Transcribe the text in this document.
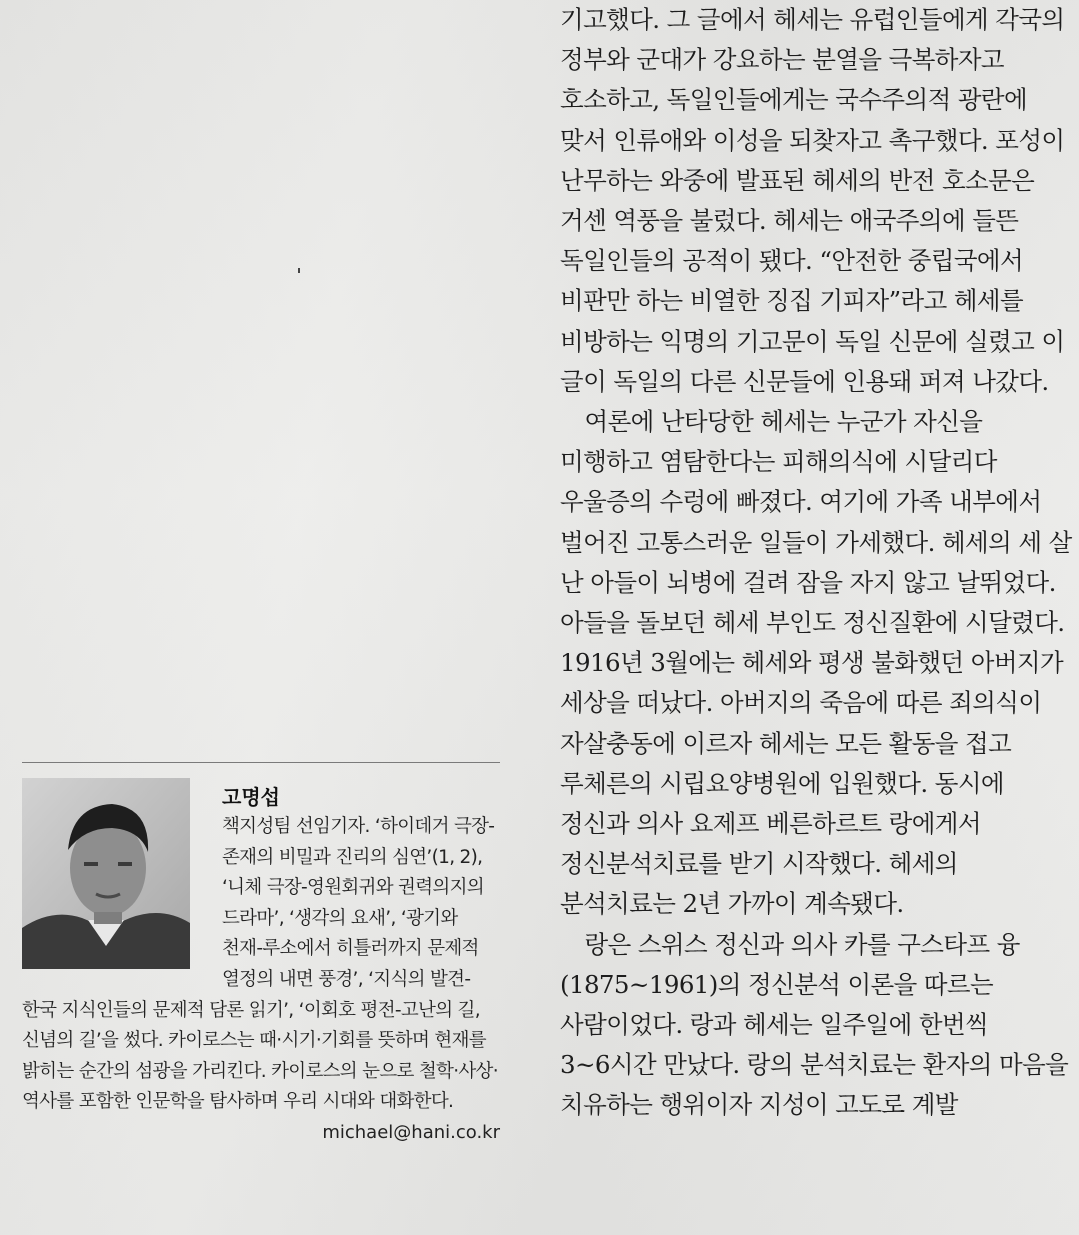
기고했다. 그 글에서 헤세는 유럽인들에게 각국의 정부와 군대가 강요하는 분열을 극복하자고 호소하고, 독일인들에게는 국수주의적 광란에 맞서 인류애와 이성을 되찾자고 촉구했다. 포성이 난무하는 와중에 발표된 헤세의 반전 호소문은 거센 역풍을 불렀다. 헤세는 애국주의에 들뜬 독일인들의 공적이 됐다. “안전한 중립국에서 비판만 하는 비열한 징집 기피자”라고 헤세를 비방하는 익명의 기고문이 독일 신문에 실렸고 이 글이 독일의 다른 신문들에 인용돼 퍼져 나갔다.

여론에 난타당한 헤세는 누군가 자신을 미행하고 염탐한다는 피해의식에 시달리다 우울증의 수렁에 빠졌다. 여기에 가족 내부에서 벌어진 고통스러운 일들이 가세했다. 헤세의 세 살 난 아들이 뇌병에 걸려 잠을 자지 않고 날뛰었다. 아들을 돌보던 헤세 부인도 정신질환에 시달렸다. 1916년 3월에는 헤세와 평생 불화했던 아버지가 세상을 떠났다. 아버지의 죽음에 따른 죄의식이 자살충동에 이르자 헤세는 모든 활동을 접고 루체른의 시립요양병원에 입원했다. 동시에 정신과 의사 요제프 베른하르트 랑에게서 정신분석치료를 받기 시작했다. 헤세의 분석치료는 2년 가까이 계속됐다.

랑은 스위스 정신과 의사 카를 구스타프 융(1875~1961)의 정신분석 이론을 따르는 사람이었다. 랑과 헤세는 일주일에 한번씩 3~6시간 만났다. 랑의 분석치료는 환자의 마음을 치유하는 행위이자 지성이 고도로 계발

고명섭

책지성팀 선임기자. ‘하이데거 극장-존재의 비밀과 진리의 심연’(1, 2), ‘니체 극장-영원회귀와 권력의지의 드라마’, ‘생각의 요새’, ‘광기와 천재-루소에서 히틀러까지 문제적 열정의 내면 풍경’, ‘지식의 발견-한국 지식인들의 문제적 담론 읽기’, ‘이회호 평전-고난의 길, 신념의 길’을 썼다. 카이로스는 때·시기·기회를 뜻하며 현재를 밝히는 순간의 섬광을 가리킨다. 카이로스의 눈으로 철학·사상·역사를 포함한 인문학을 탐사하며 우리 시대와 대화한다.

michael@hani.co.kr
